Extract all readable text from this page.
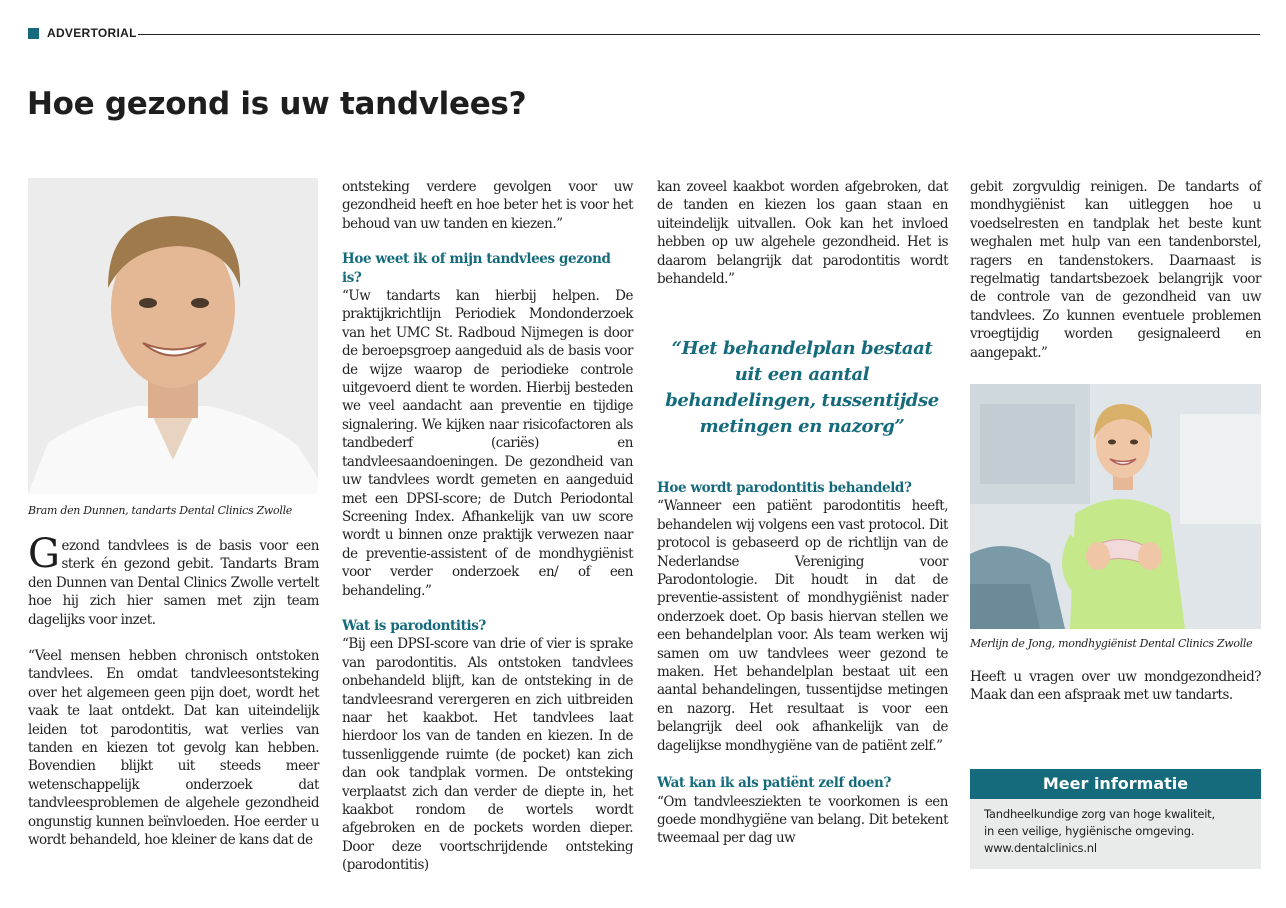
ADVERTORIAL
Hoe gezond is uw tandvlees?
Bram den Dunnen, tandarts Dental Clinics Zwolle

Gezond tandvlees is de basis voor een sterk én gezond gebit. Tandarts Bram den Dunnen van Dental Clinics Zwolle vertelt hoe hij zich hier samen met zijn team dagelijks voor inzet.

“Veel mensen hebben chronisch ontstoken tandvlees. En omdat tandvleesontsteking over het algemeen geen pijn doet, wordt het vaak te laat ontdekt. Dat kan uiteindelijk leiden tot parodontitis, wat verlies van tanden en kiezen tot gevolg kan hebben. Bovendien blijkt uit steeds meer wetenschappelijk onderzoek dat tandvleesproblemen de algehele gezondheid ongunstig kunnen beïnvloeden. Hoe eerder u wordt behandeld, hoe kleiner de kans dat de

ontsteking verdere gevolgen voor uw gezondheid heeft en hoe beter het is voor het behoud van uw tanden en kiezen.”

Hoe weet ik of mijn tandvlees gezond is?

“Uw tandarts kan hierbij helpen. De praktijkrichtlijn Periodiek Mondonderzoek van het UMC St. Radboud Nijmegen is door de beroepsgroep aangeduid als de basis voor de wijze waarop de periodieke controle uitgevoerd dient te worden. Hierbij besteden we veel aandacht aan preventie en tijdige signalering. We kijken naar risicofactoren als tandbederf (cariës) en tandvleesaandoeningen. De gezondheid van uw tandvlees wordt gemeten en aangeduid met een DPSI-score; de Dutch Periodontal Screening Index. Afhankelijk van uw score wordt u binnen onze praktijk verwezen naar de preventie-assistent of de mondhygiënist voor verder onderzoek en/ of een behandeling.”

Wat is parodontitis?

“Bij een DPSI-score van drie of vier is sprake van parodontitis. Als ontstoken tandvlees onbehandeld blijft, kan de ontsteking in de tandvleesrand verergeren en zich uitbreiden naar het kaakbot. Het tandvlees laat hierdoor los van de tanden en kiezen. In de tussenliggende ruimte (de pocket) kan zich dan ook tandplak vormen. De ontsteking verplaatst zich dan verder de diepte in, het kaakbot rondom de wortels wordt afgebroken en de pockets worden dieper. Door deze voortschrijdende ontsteking (parodontitis)

kan zoveel kaakbot worden afgebroken, dat de tanden en kiezen los gaan staan en uiteindelijk uitvallen. Ook kan het invloed hebben op uw algehele gezondheid. Het is daarom belangrijk dat parodontitis wordt behandeld.”

“Het behandelplan bestaat uit een aantal behandelingen, tussentijdse metingen en nazorg”
Hoe wordt parodontitis behandeld?

“Wanneer een patiënt parodontitis heeft, behandelen wij volgens een vast protocol. Dit protocol is gebaseerd op de richtlijn van de Nederlandse Vereniging voor Parodontologie. Dit houdt in dat de preventie-assistent of mondhygiënist nader onderzoek doet. Op basis hiervan stellen we een behandelplan voor. Als team werken wij samen om uw tandvlees weer gezond te maken. Het behandelplan bestaat uit een aantal behandelingen, tussentijdse metingen en nazorg. Het resultaat is voor een belangrijk deel ook afhankelijk van de dagelijkse mondhygiëne van de patiënt zelf.”

Wat kan ik als patiënt zelf doen?

“Om tandvleesziekten te voorkomen is een goede mondhygiëne van belang. Dit betekent tweemaal per dag uw

gebit zorgvuldig reinigen. De tandarts of mondhygiënist kan uitleggen hoe u voedselresten en tandplak het beste kunt weghalen met hulp van een tandenborstel, ragers en tandenstokers. Daarnaast is regelmatig tandartsbezoek belangrijk voor de controle van de gezondheid van uw tandvlees. Zo kunnen eventuele problemen vroegtijdig worden gesignaleerd en aangepakt.”

Merlijn de Jong, mondhygiënist Dental Clinics Zwolle

Heeft u vragen over uw mondgezondheid? Maak dan een afspraak met uw tandarts.

Meer informatie
Tandheelkundige zorg van hoge kwaliteit,
in een veilige, hygiënische omgeving.
www.dentalclinics.nl
